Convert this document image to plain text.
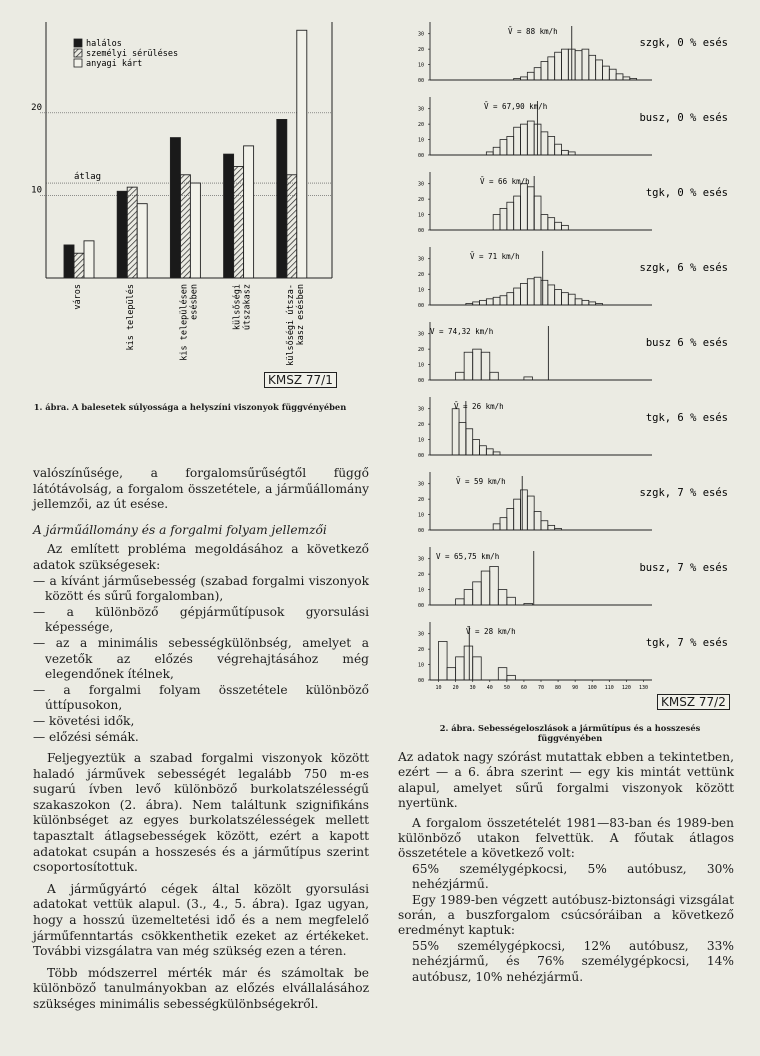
10
20
átlag
város	kis település	kis településen esésben	külsőségi útszakasz	külsőségi útsza- kasz esésben
halálos
személyi sérüléses
anyagi kárt
KMSZ 77/1
1. ábra. A balesetek súlyossága a helyszíni viszonyok függvényében

valószínűsége, a forgalomsűrűségtől függő látótávolság, a forgalom összetétele, a járműállomány jellemzői, az út esése.

A járműállomány és a forgalmi folyam jellemzői

Az említett probléma megoldásához a következő adatok szükségesek:

— a kívánt járműsebesség (szabad forgalmi viszonyok között és sűrű forgalomban),
— a különböző gépjárműtípusok gyorsulási képessége,
— az a minimális sebességkülönbség, amelyet a vezetők az előzés végrehajtásához még elegendőnek ítélnek,
— a forgalmi folyam összetétele különböző úttípusokon,
— követési idők,
— előzési sémák.

Feljegyeztük a szabad forgalmi viszonyok között haladó járművek sebességét legalább 750 m-es sugarú ívben levő különböző burkolatszélességű szakaszokon (2. ábra). Nem találtunk szignifikáns különbséget az egyes burkolatszélességek mellett tapasztalt átlagsebességek között, ezért a kapott adatokat csupán a hosszesés és a járműtípus szerint csoportosítottuk.

A járműgyártó cégek által közölt gyorsulási adatokat vettük alapul. (3., 4., 5. ábra). Igaz ugyan, hogy a hosszú üzemeltetési idő és a nem megfelelő járműfenntartás csökkenthetik ezeket az értékeket. További vizsgálatra van még szükség ezen a téren.

Több módszerrel mérték már és számoltak be különböző tanulmányokban az előzés elvállalásához szükséges minimális sebességkülönbségekről.

00
10
20
30	V̄ = 88 km/h
szgk, 0 % esés
00
10
20
30	V̄ = 67,90 km/h
busz, 0 % esés
00
10
20
30	V̄ = 66 km/h
tgk, 0 % esés
00
10
20
30	V̄ = 71 km/h
szgk, 6 % esés
00
10
20
30 V = 74,32 km/h
busz 6 % esés
00
10
20
30	V̄ = 26 km/h
tgk, 6 % esés
00
10
20
30	V̄ = 59 km/h
szgk, 7 % esés
00
10
20
30 V = 65,75 km/h
busz, 7 % esés
00
10
20
30	V̄ = 28 km/h
tgk, 7 % esés
10 20 30 40 50 60 70 80 90 100 110 120 130
KMSZ 77/2
2. ábra. Sebességeloszlások a járműtípus és a hosszesés függvényében

Az adatok nagy szórást mutattak ebben a tekintetben, ezért — a 6. ábra szerint — egy kis mintát vettünk alapul, amelyet sűrű forgalmi viszonyok között nyertünk.

A forgalom összetételét 1981—83-ban és 1989-ben különböző utakon felvettük. A főutak átlagos összetétele a következő volt:

65% személygépkocsi, 5% autóbusz, 30% nehézjármű.

Egy 1989-ben végzett autóbusz-biztonsági vizsgálat során, a buszforgalom csúcsóráiban a következő eredményt kaptuk:

55% személygépkocsi, 12% autóbusz, 33% nehézjármű, és 76% személygépkocsi, 14% autóbusz, 10% nehézjármű.
